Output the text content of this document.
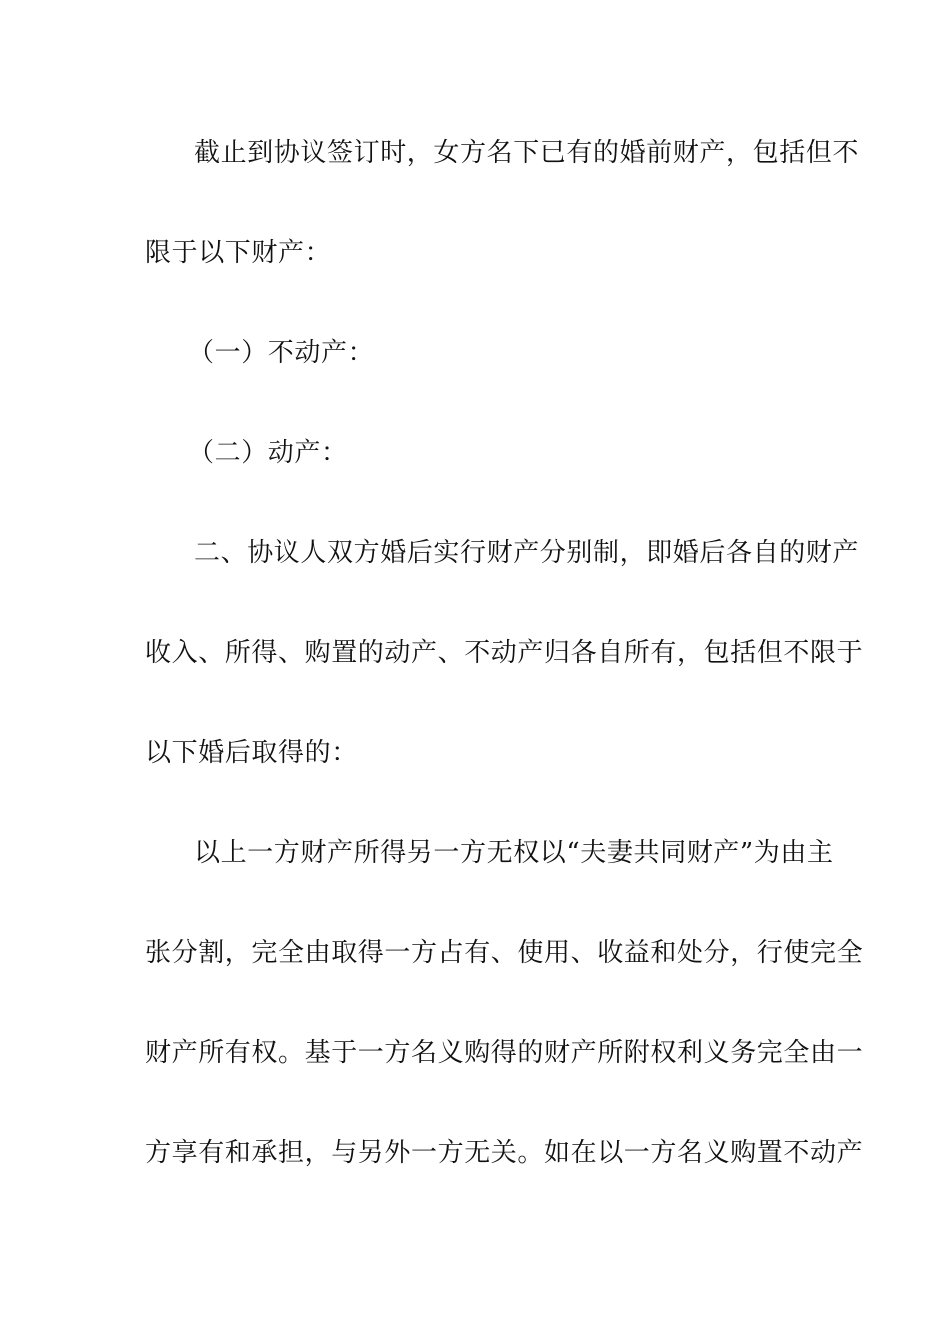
截止到协议签订时，女方名下已有的婚前财产，包括但不
限于以下财产：
（一）不动产：
（二）动产：
二、协议人双方婚后实行财产分别制，即婚后各自的财产
收入、所得、购置的动产、不动产归各自所有，包括但不限于
以下婚后取得的：
以上一方财产所得另一方无权以“夫妻共同财产”为由主
张分割，完全由取得一方占有、使用、收益和处分，行使完全
财产所有权。基于一方名义购得的财产所附权利义务完全由一
方享有和承担，与另外一方无关。如在以一方名义购置不动产
